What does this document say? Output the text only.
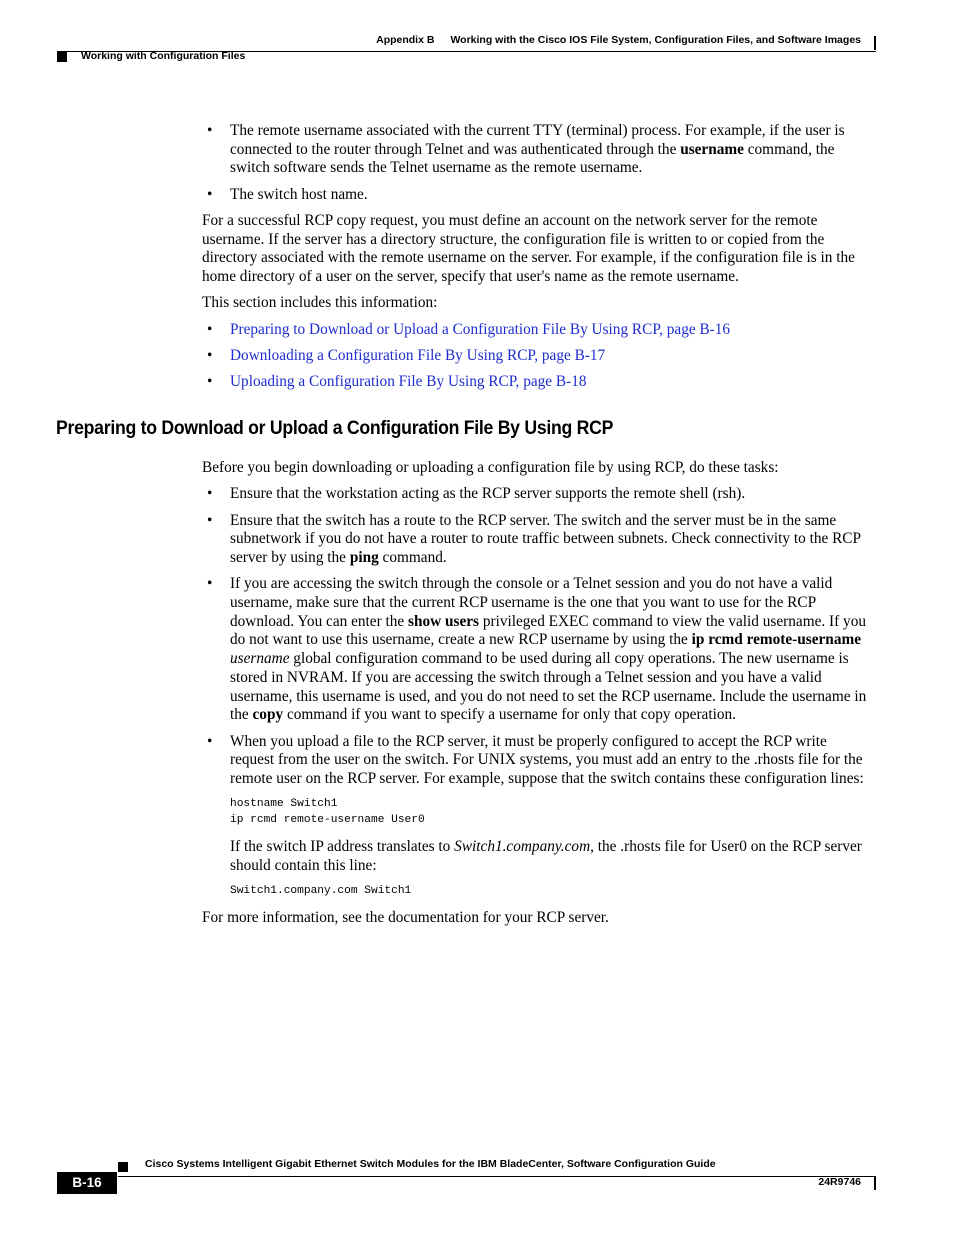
Appendix B Working with the Cisco IOS File System, Configuration Files, and Software Images
Working with Configuration Files
• The remote username associated with the current TTY (terminal) process. For example, if the user is connected to the router through Telnet and was authenticated through the username command, the switch software sends the Telnet username as the remote username.
• The switch host name.

For a successful RCP copy request, you must define an account on the network server for the remote username. If the server has a directory structure, the configuration file is written to or copied from the directory associated with the remote username on the server. For example, if the configuration file is in the home directory of a user on the server, specify that user's name as the remote username.

This section includes this information:

• Preparing to Download or Upload a Configuration File By Using RCP, page B-16
• Downloading a Configuration File By Using RCP, page B-17
• Uploading a Configuration File By Using RCP, page B-18
Preparing to Download or Upload a Configuration File By Using RCP

Before you begin downloading or uploading a configuration file by using RCP, do these tasks:

• Ensure that the workstation acting as the RCP server supports the remote shell (rsh).
• Ensure that the switch has a route to the RCP server. The switch and the server must be in the same subnetwork if you do not have a router to route traffic between subnets. Check connectivity to the RCP server by using the ping command.
• If you are accessing the switch through the console or a Telnet session and you do not have a valid username, make sure that the current RCP username is the one that you want to use for the RCP download. You can enter the show users privileged EXEC command to view the valid username. If you do not want to use this username, create a new RCP username by using the ip rcmd remote-username username global configuration command to be used during all copy operations. The new username is stored in NVRAM. If you are accessing the switch through a Telnet session and you have a valid username, this username is used, and you do not need to set the RCP username. Include the username in the copy command if you want to specify a username for only that copy operation.

• When you upload a file to the RCP server, it must be properly configured to accept the RCP write request from the user on the switch. For UNIX systems, you must add an entry to the .rhosts file for the remote user on the RCP server. For example, suppose that the switch contains these configuration lines:

hostname Switch1
ip rcmd remote-username User0

If the switch IP address translates to Switch1.company.com, the .rhosts file for User0 on the RCP server should contain this line:

Switch1.company.com Switch1

For more information, see the documentation for your RCP server.

Cisco Systems Intelligent Gigabit Ethernet Switch Modules for the IBM BladeCenter, Software Configuration Guide
B-16	24R9746
